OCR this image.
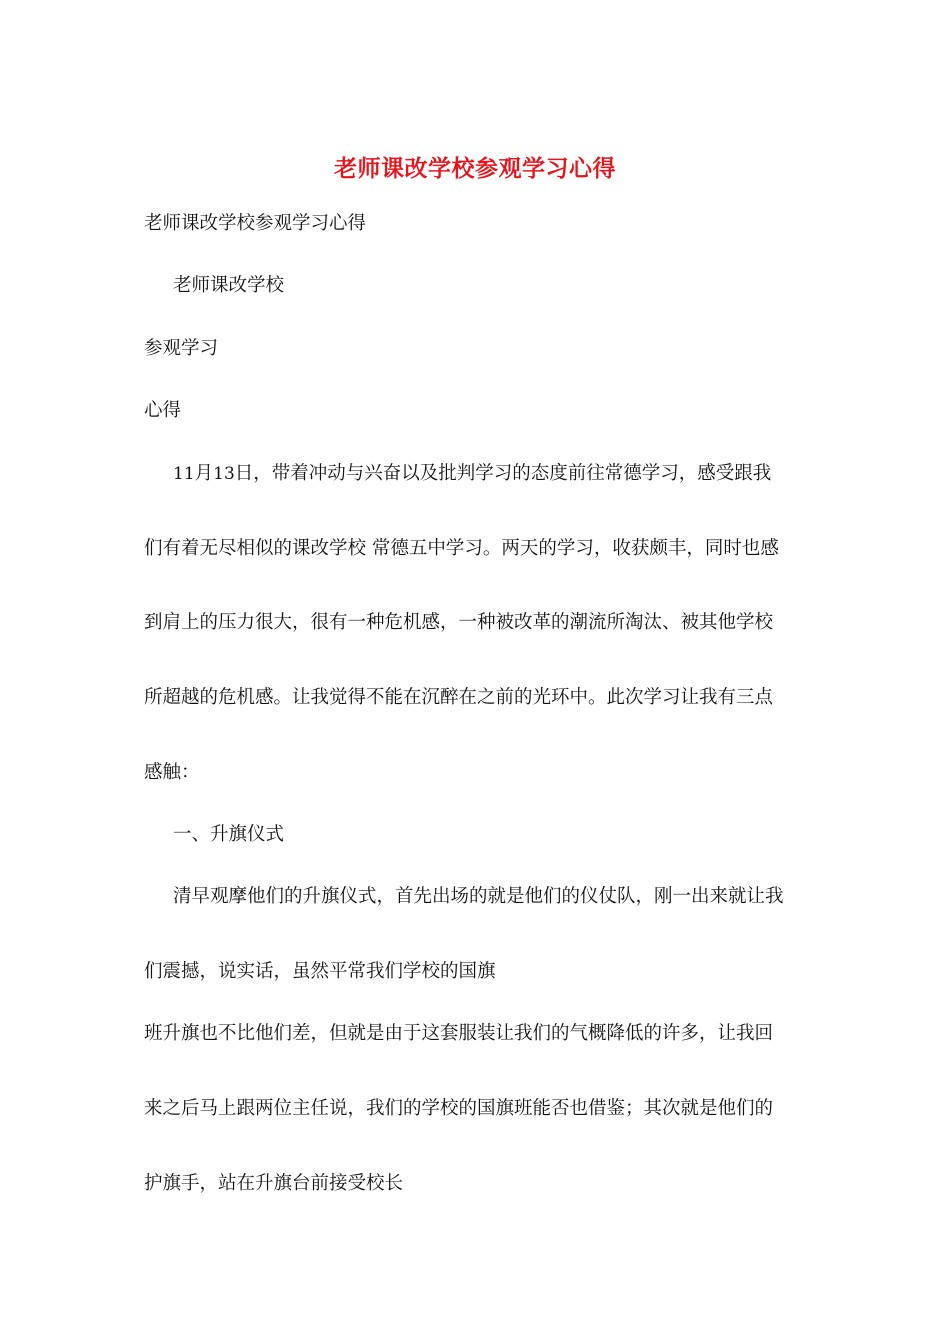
老师课改学校参观学习心得
老师课改学校参观学习心得
老师课改学校
参观学习
心得
11月13日，带着冲动与兴奋以及批判学习的态度前往常德学习，感受跟我
们有着无尽相似的课改学校 常德五中学习。两天的学习，收获颇丰，同时也感
到肩上的压力很大，很有一种危机感，一种被改革的潮流所淘汰、被其他学校
所超越的危机感。让我觉得不能在沉醉在之前的光环中。此次学习让我有三点
感触：
一、升旗仪式
清早观摩他们的升旗仪式，首先出场的就是他们的仪仗队，刚一出来就让我
们震撼，说实话，虽然平常我们学校的国旗
班升旗也不比他们差，但就是由于这套服装让我们的气概降低的许多，让我回
来之后马上跟两位主任说，我们的学校的国旗班能否也借鉴；其次就是他们的
护旗手，站在升旗台前接受校长
